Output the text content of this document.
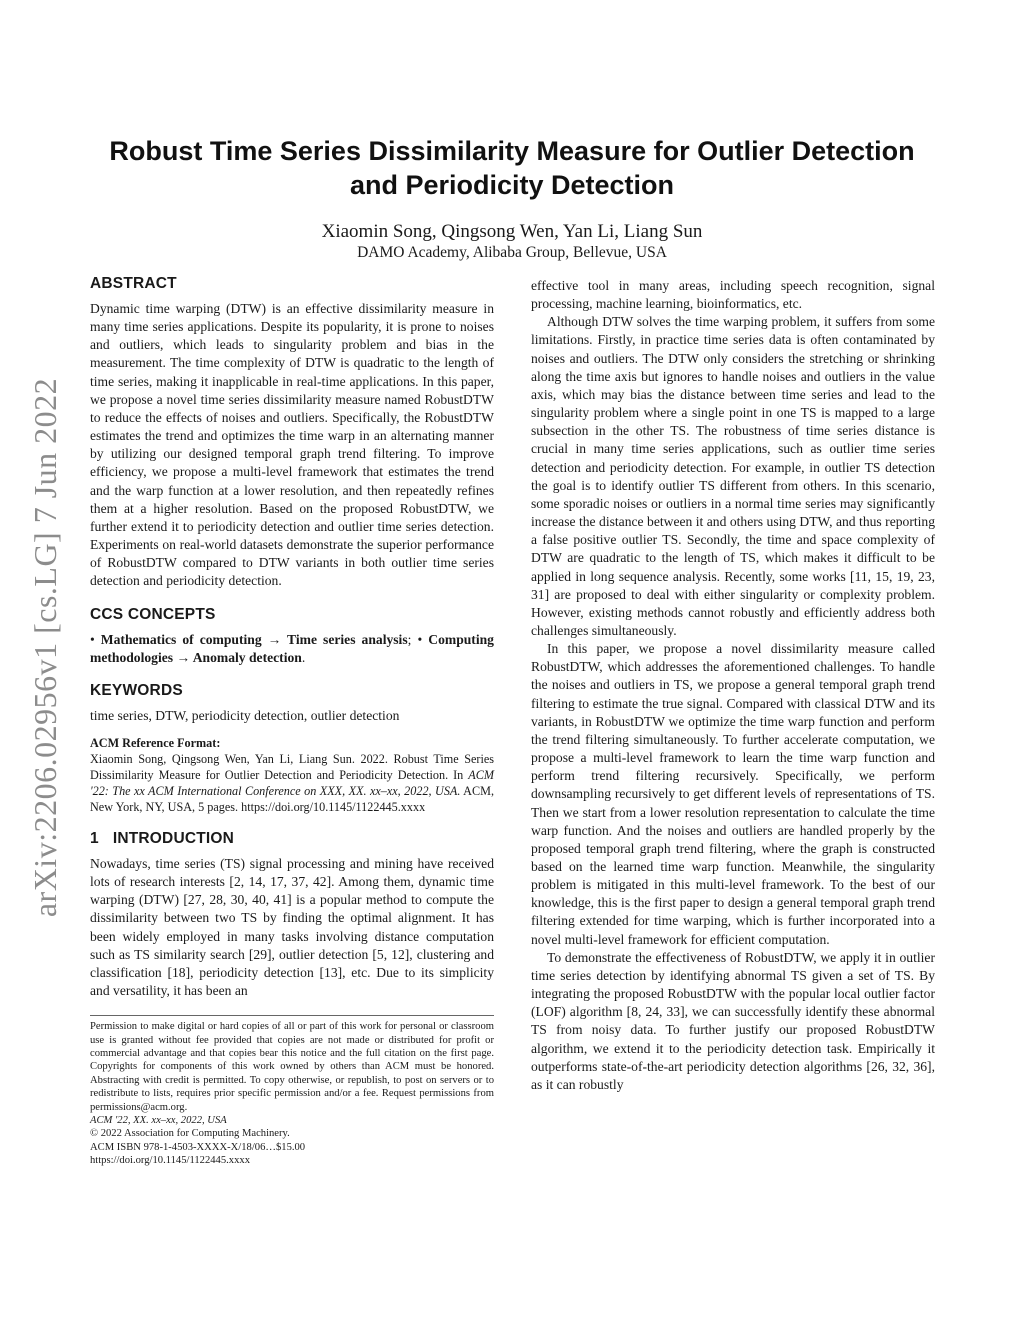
arXiv:2206.02956v1 [cs.LG] 7 Jun 2022
Robust Time Series Dissimilarity Measure for Outlier Detection and Periodicity Detection
Xiaomin Song, Qingsong Wen, Yan Li, Liang Sun
DAMO Academy, Alibaba Group, Bellevue, USA
ABSTRACT

Dynamic time warping (DTW) is an effective dissimilarity measure in many time series applications. Despite its popularity, it is prone to noises and outliers, which leads to singularity problem and bias in the measurement. The time complexity of DTW is quadratic to the length of time series, making it inapplicable in real-time applications. In this paper, we propose a novel time series dissimilarity measure named RobustDTW to reduce the effects of noises and outliers. Specifically, the RobustDTW estimates the trend and optimizes the time warp in an alternating manner by utilizing our designed temporal graph trend filtering. To improve efficiency, we propose a multi-level framework that estimates the trend and the warp function at a lower resolution, and then repeatedly refines them at a higher resolution. Based on the proposed RobustDTW, we further extend it to periodicity detection and outlier time series detection. Experiments on real-world datasets demonstrate the superior performance of RobustDTW compared to DTW variants in both outlier time series detection and periodicity detection.

CCS CONCEPTS

• Mathematics of computing → Time series analysis; • Computing methodologies → Anomaly detection.

KEYWORDS

time series, DTW, periodicity detection, outlier detection

ACM Reference Format:

Xiaomin Song, Qingsong Wen, Yan Li, Liang Sun. 2022. Robust Time Series Dissimilarity Measure for Outlier Detection and Periodicity Detection. In ACM '22: The xx ACM International Conference on XXX, XX. xx–xx, 2022, USA. ACM, New York, NY, USA, 5 pages. https://doi.org/10.1145/1122445.xxxx

1 INTRODUCTION

Nowadays, time series (TS) signal processing and mining have received lots of research interests [2, 14, 17, 37, 42]. Among them, dynamic time warping (DTW) [27, 28, 30, 40, 41] is a popular method to compute the dissimilarity between two TS by finding the optimal alignment. It has been widely employed in many tasks involving distance computation such as TS similarity search [29], outlier detection [5, 12], clustering and classification [18], periodicity detection [13], etc. Due to its simplicity and versatility, it has been an

Permission to make digital or hard copies of all or part of this work for personal or classroom use is granted without fee provided that copies are not made or distributed for profit or commercial advantage and that copies bear this notice and the full citation on the first page. Copyrights for components of this work owned by others than ACM must be honored. Abstracting with credit is permitted. To copy otherwise, or republish, to post on servers or to redistribute to lists, requires prior specific permission and/or a fee. Request permissions from permissions@acm.org.

ACM '22, XX. xx–xx, 2022, USA

© 2022 Association for Computing Machinery.

ACM ISBN 978-1-4503-XXXX-X/18/06…$15.00

https://doi.org/10.1145/1122445.xxxx

effective tool in many areas, including speech recognition, signal processing, machine learning, bioinformatics, etc.

Although DTW solves the time warping problem, it suffers from some limitations. Firstly, in practice time series data is often contaminated by noises and outliers. The DTW only considers the stretching or shrinking along the time axis but ignores to handle noises and outliers in the value axis, which may bias the distance between time series and lead to the singularity problem where a single point in one TS is mapped to a large subsection in the other TS. The robustness of time series distance is crucial in many time series applications, such as outlier time series detection and periodicity detection. For example, in outlier TS detection the goal is to identify outlier TS different from others. In this scenario, some sporadic noises or outliers in a normal time series may significantly increase the distance between it and others using DTW, and thus reporting a false positive outlier TS. Secondly, the time and space complexity of DTW are quadratic to the length of TS, which makes it difficult to be applied in long sequence analysis. Recently, some works [11, 15, 19, 23, 31] are proposed to deal with either singularity or complexity problem. However, existing methods cannot robustly and efficiently address both challenges simultaneously.

In this paper, we propose a novel dissimilarity measure called RobustDTW, which addresses the aforementioned challenges. To handle the noises and outliers in TS, we propose a general temporal graph trend filtering to estimate the true signal. Compared with classical DTW and its variants, in RobustDTW we optimize the time warp function and perform the trend filtering simultaneously. To further accelerate computation, we propose a multi-level framework to learn the time warp function and perform trend filtering recursively. Specifically, we perform downsampling recursively to get different levels of representations of TS. Then we start from a lower resolution representation to calculate the time warp function. And the noises and outliers are handled properly by the proposed temporal graph trend filtering, where the graph is constructed based on the learned time warp function. Meanwhile, the singularity problem is mitigated in this multi-level framework. To the best of our knowledge, this is the first paper to design a general temporal graph trend filtering extended for time warping, which is further incorporated into a novel multi-level framework for efficient computation.

To demonstrate the effectiveness of RobustDTW, we apply it in outlier time series detection by identifying abnormal TS given a set of TS. By integrating the proposed RobustDTW with the popular local outlier factor (LOF) algorithm [8, 24, 33], we can successfully identify these abnormal TS from noisy data. To further justify our proposed RobustDTW algorithm, we extend it to the periodicity detection task. Empirically it outperforms state-of-the-art periodicity detection algorithms [26, 32, 36], as it can robustly
